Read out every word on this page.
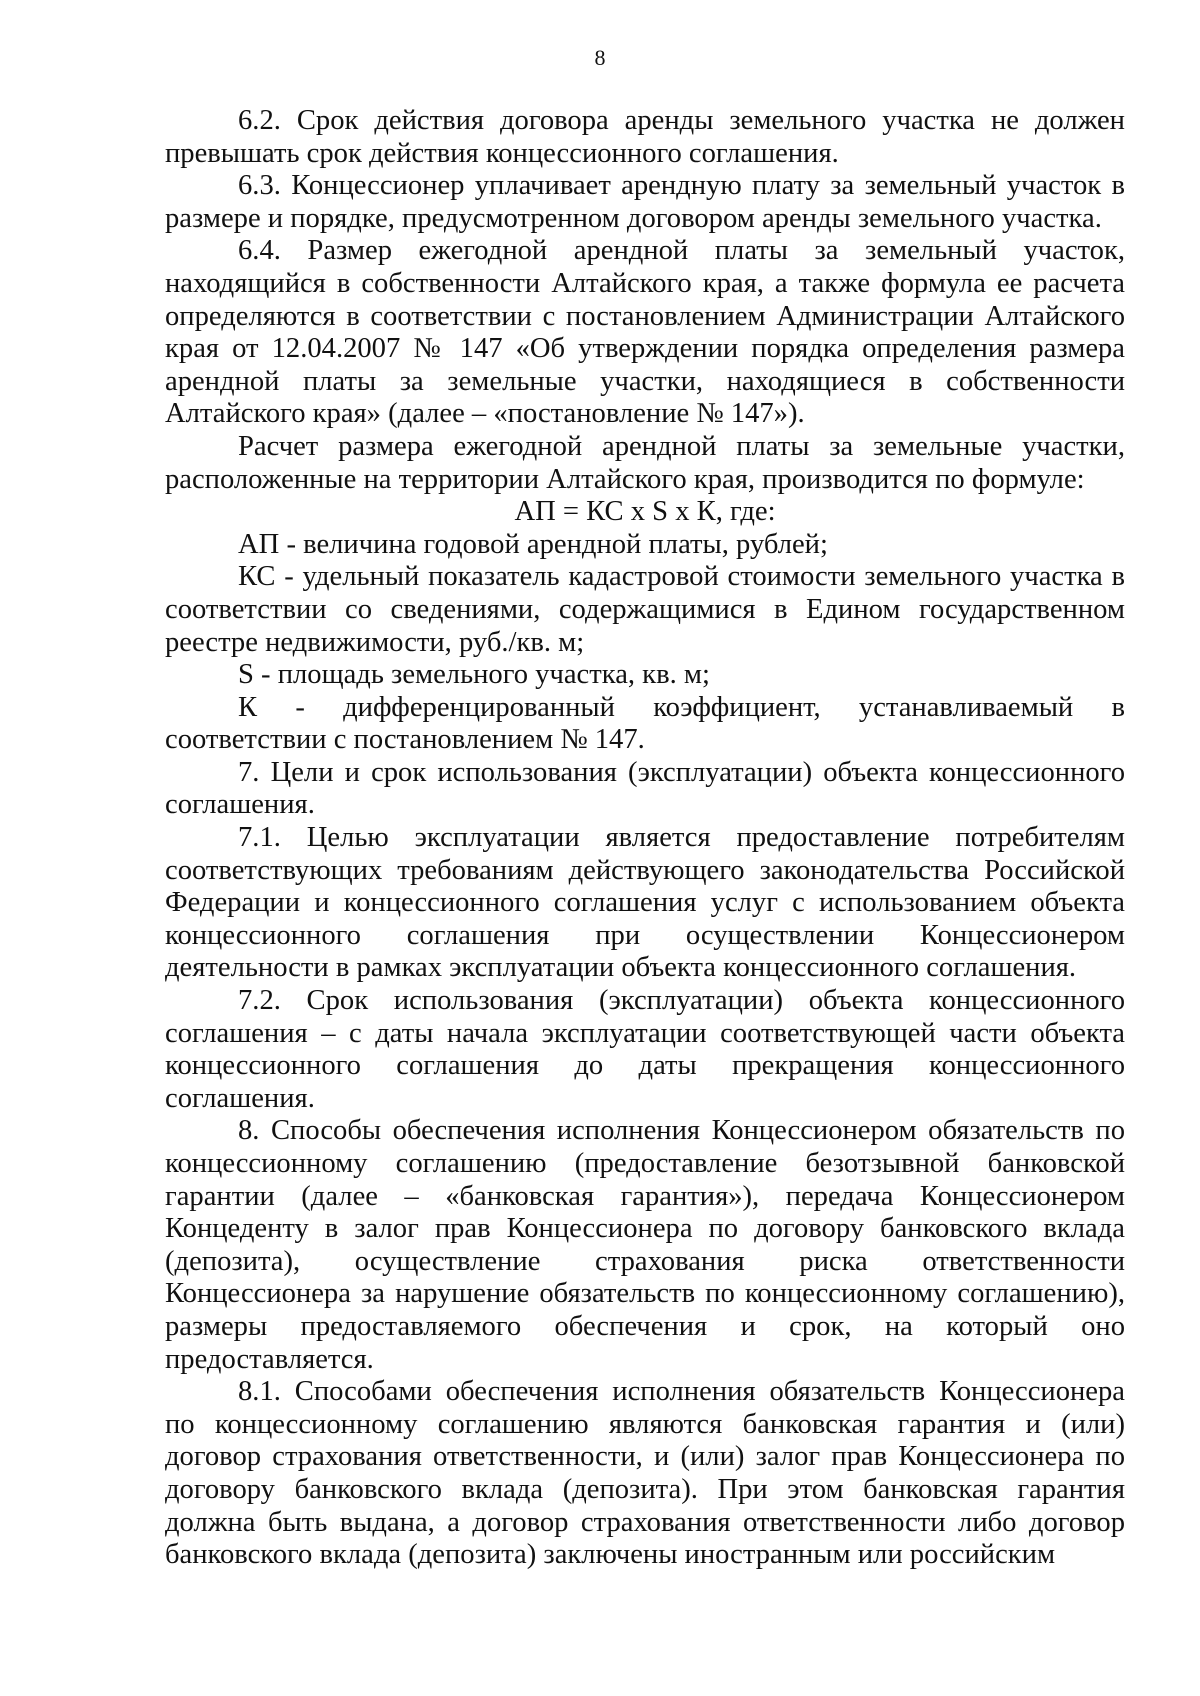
8

6.2. Срок действия договора аренды земельного участка не должен превышать срок действия концессионного соглашения.

6.3. Концессионер уплачивает арендную плату за земельный участок в размере и порядке, предусмотренном договором аренды земельного участка.

6.4. Размер ежегодной арендной платы за земельный участок, находящийся в собственности Алтайского края, а также формула ее расчета определяются в соответствии с постановлением Администрации Алтайского края от 12.04.2007 № 147 «Об утверждении порядка определения размера арендной платы за земельные участки, находящиеся в собственности Алтайского края» (далее – «постановление № 147»).

Расчет размера ежегодной арендной платы за земельные участки, расположенные на территории Алтайского края, производится по формуле:

АП = КС х S х К, где:

АП - величина годовой арендной платы, рублей;

КС - удельный показатель кадастровой стоимости земельного участка в соответствии со сведениями, содержащимися в Едином государственном реестре недвижимости, руб./кв. м;

S - площадь земельного участка, кв. м;

К - дифференцированный коэффициент, устанавливаемый в соответствии с постановлением № 147.

7. Цели и срок использования (эксплуатации) объекта концессионного соглашения.

7.1. Целью эксплуатации является предоставление потребителям соответствующих требованиям действующего законодательства Российской Федерации и концессионного соглашения услуг с использованием объекта концессионного соглашения при осуществлении Концессионером деятельности в рамках эксплуатации объекта концессионного соглашения.

7.2. Срок использования (эксплуатации) объекта концессионного соглашения – с даты начала эксплуатации соответствующей части объекта концессионного соглашения до даты прекращения концессионного соглашения.

8. Способы обеспечения исполнения Концессионером обязательств по концессионному соглашению (предоставление безотзывной банковской гарантии (далее – «банковская гарантия»), передача Концессионером Концеденту в залог прав Концессионера по договору банковского вклада (депозита), осуществление страхования риска ответственности Концессионера за нарушение обязательств по концессионному соглашению), размеры предоставляемого обеспечения и срок, на который оно предоставляется.

8.1. Способами обеспечения исполнения обязательств Концессионера по концессионному соглашению являются банковская гарантия и (или) договор страхования ответственности, и (или) залог прав Концессионера по договору банковского вклада (депозита). При этом банковская гарантия должна быть выдана, а договор страхования ответственности либо договор банковского вклада (депозита) заключены иностранным или российским
